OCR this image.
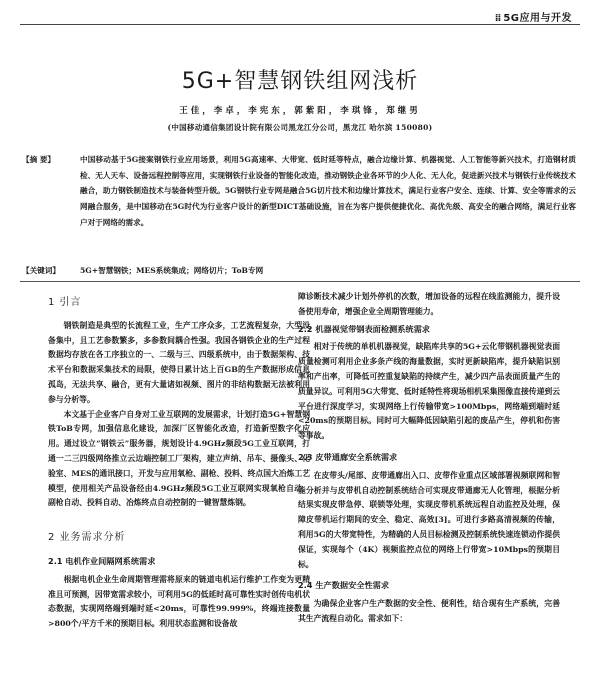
⁞⁞ 5G应用与开发
5G+智慧钢铁组网浅析
王佳，李卓，李宪东，郭紫阳，李琪锋，郑继男
(中国移动通信集团设计院有限公司黑龙江分公司，黑龙江 哈尔滨 150080)
【摘 要】	中国移动基于5G接案钢铁行业应用场景，利用5G高速率、大带宽、低时延等特点，融合边缘计算、机器视觉、人工智能等新兴技术，打造钢材质检、无人天车、设备远程控制等应用，实现钢铁行业设备的智能化改造，推动钢铁企业各环节的少人化、无人化，促进新兴技术与钢铁行业传统技术融合，助力钢铁制造技术与装备转型升级。5G钢铁行业专网是融合5G切片技术和边缘计算技术，满足行业客户安全、连续、计算、安全等需求的云网融合服务，是中国移动在5G时代为行业客户设计的新型DICT基础设施，旨在为客户提供便捷优化、高优先级、高安全的融合网络，满足行业客户对于网络的需求。
【关键词】	5G+智慧钢铁；MES系统集成；网络切片；ToB专网
1 引言

钢铁制造是典型的长流程工业，生产工序众多，工艺流程复杂，大型设备集中，且工艺参数繁多，多参数间耦合性强。我国各钢铁企业的生产过程数据均存放在各工序独立的一、二级与三、四级系统中，由于数据架构、技术平台和数据采集技术的局限，使得日累计达上百GB的生产数据形成信息孤岛，无法共享、融合，更有大量诸如视频、图片的非结构数据无法被利用参与分析等。

本文基于企业客户自身对工业互联网的发展需求，计划打造5G+智慧钢铁ToB专网，加强信息化建设，加深厂区智能化改造，打造新型数字化应用。通过设立“钢铁云”服务器，规划设计4.9GHz频段5G工业互联网，打通一二三四级网络推立云边端控制工厂架构，建立声纳、吊车、摄像头、化验室、MES的通讯接口，开发与应用氧枪、副枪、投料、终点国大冶炼工艺模型，使用相关产品设备经由4.9GHz频段5G工业互联网实现氧枪自动、副枪自动、投料自动、冶炼终点自动控制的一键智慧炼钢。

2 业务需求分析
2.1 电机作业间隔网系统需求

根据电机企业生命周期管理需将原来的链道电机运行维护工作变为更精准且可预测，因带宽需求较小，可利用5G的低延时高可靠性实时创传电机状态数据，实现网络端到端时延<20ms，可靠性99.999%，终端连接数量>800个/平方千米的预期目标。利用状态监测和设备故

障诊断技术减少计划外停机的次数，增加设备的远程在线监测能力，提升设备使用寿命，增强企业全周期管理能力。

2.2 机器视觉带钢表面检测系统需求

相对于传统的单机机器视觉，缺陷库共享的5G+云化带钢机器视觉表面质量检测可利用企业多条产线的海量数据，实时更新缺陷库，提升缺陷识别率和产出率，可降低可控重复缺陷的持续产生，减少四产品表面质量产生的质量异议。可利用5G大带宽、低时延特性将现场相机采集图像直接传递到云平台进行深度学习，实现网络上行传输带宽>100Mbps，网络端到端时延<20ms的预期目标。同时可大幅降低因缺陷引起的废品产生，停机和伤害等事故。

2.3 皮带通廊安全系统需求

在皮带头/尾部、皮带通廊出入口、皮带作业重点区域部署视频联网和智能分析并与皮带机自动控制系统结合可实现皮带通廊无人化管理，根据分析结果实现皮带急停、联锁等处理，实现皮带机系统远程自动监控及处理，保障皮带机运行期间的安全、稳定、高效[3]。可进行多路高清视频的传输，利用5G的大带宽特性，为精确的人员目标检测及控制系统快速连锁动作提供保证，实现每个（4K）视频监控点位的网络上行带宽>10Mbps的预期目标。

2.4 生产数据安全性需求

为确保企业客户生产数据的安全性、便利性，结合现有生产系统，完善其生产流程自动化。需求如下：
